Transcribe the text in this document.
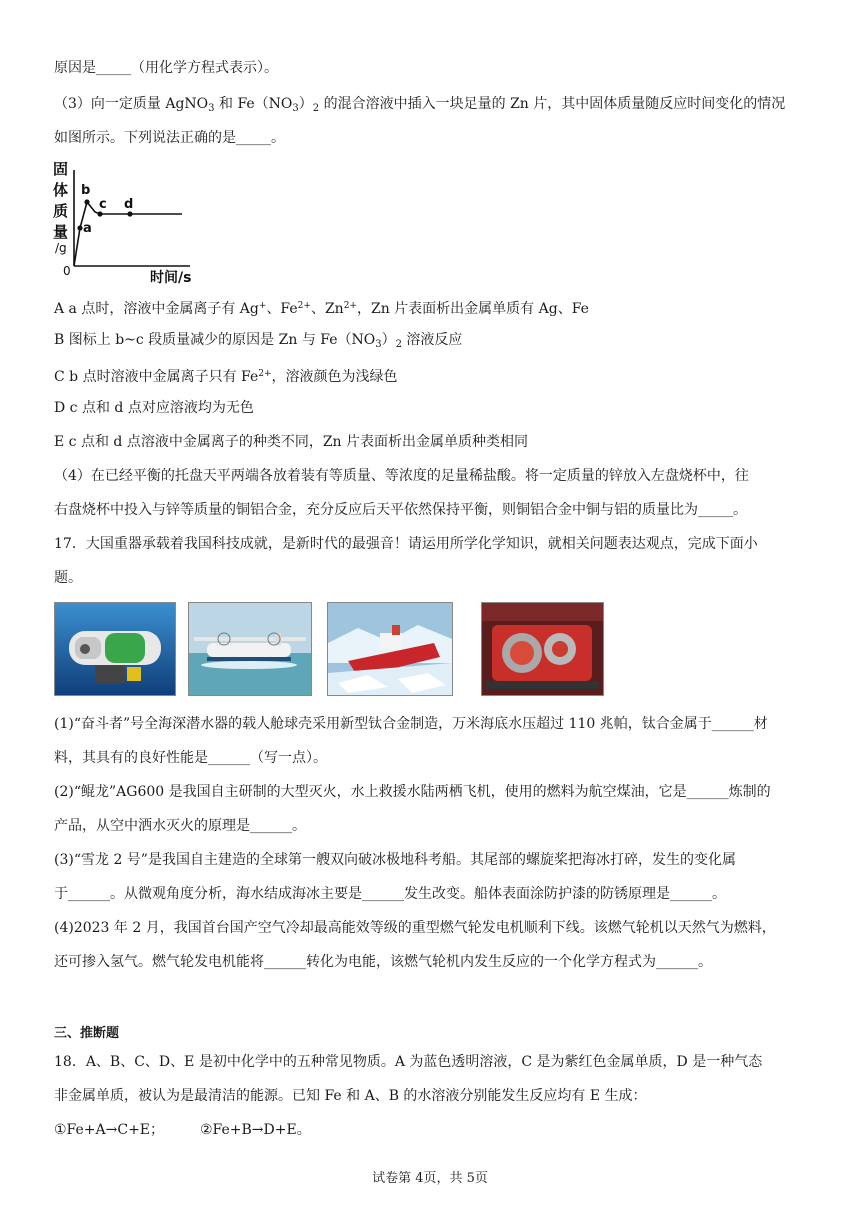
原因是_____（用化学方程式表示）。
（3）向一定质量 AgNO$_3$ 和 $Fe(NO_3)_2$ 的混合溶液中插入一块足量的 Zn 片，其中固体质量随反应时间变化的情况
如图所示。下列说法正确的是_____。
固
体
质
量
/g
0
a
b
c d
时间/s
A a 点时，溶液中金属离子有 Ag+、$Fe^{2+}$、$Zn^{2+}$，Zn 片表面析出金属单质有 Ag、Fe
B 图标上 b~c 段质量减少的原因是 Zn 与 $Fe(NO_3)_2$ 溶液反应
C b 点时溶液中金属离子只有 $Fe^{2+}$，溶液颜色为浅绿色
D c 点和 d 点对应溶液均为无色
E c 点和 d 点溶液中金属离子的种类不同，Zn 片表面析出金属单质种类相同
（4）在已经平衡的托盘天平两端各放着装有等质量、等浓度的足量稀盐酸。将一定质量的锌放入左盘烧杯中，往
右盘烧杯中投入与锌等质量的铜铝合金，充分反应后天平依然保持平衡，则铜铝合金中铜与铝的质量比为_____。
17．大国重器承载着我国科技成就，是新时代的最强音！请运用所学化学知识，就相关问题表达观点，完成下面小
题。
(1)“奋斗者”号全海深潜水器的载人舱球壳采用新型钛合金制造，万米海底水压超过 110 兆帕，钛合金属于______材
料，其具有的良好性能是______（写一点）。
(2)“鲲龙”AG600 是我国自主研制的大型灭火，水上救援水陆两栖飞机，使用的燃料为航空煤油，它是______炼制的
产品，从空中洒水灭火的原理是______。
(3)“雪龙 2 号”是我国自主建造的全球第一艘双向破冰极地科考船。其尾部的螺旋桨把海冰打碎，发生的变化属
于______。从微观角度分析，海水结成海冰主要是______发生改变。船体表面涂防护漆的防锈原理是______。
(4)2023 年 2 月，我国首台国产空气冷却最高能效等级的重型燃气轮发电机顺利下线。该燃气轮机以天然气为燃料，
还可掺入氢气。燃气轮发电机能将______转化为电能，该燃气轮机内发生反应的一个化学方程式为______。
三、推断题
18．A、B、C、D、E 是初中化学中的五种常见物质。A 为蓝色透明溶液，C 是为紫红色金属单质，D 是一种气态
非金属单质，被认为是最清洁的能源。已知 Fe 和 A、B 的水溶液分别能发生反应均有 E 生成：
①Fe+A→C+E；	②Fe+B→D+E。
试卷第 4页，共 5页
